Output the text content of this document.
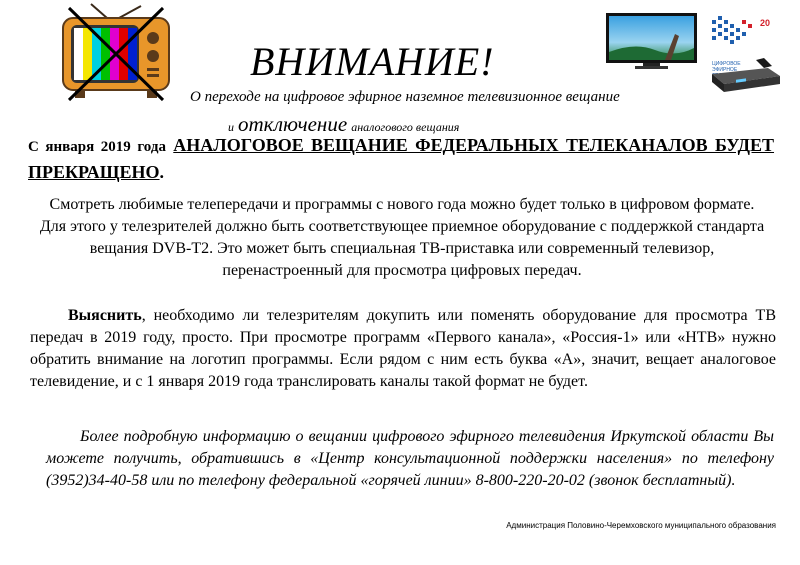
20
ЦИФРОВОЕ
ЭФИРНОЕ
ВНИМАНИЕ!
О переходе на цифровое эфирное наземное телевизионное вещание
и отключение аналогового вещания
С января 2019 года АНАЛОГОВОЕ ВЕЩАНИЕ ФЕДЕРАЛЬНЫХ ТЕЛЕКАНАЛОВ БУДЕТ ПРЕКРАЩЕНО.
Смотреть любимые телепередачи и программы с нового года можно будет только в цифровом формате.
Для этого у телезрителей должно быть соответствующее приемное оборудование с поддержкой стандарта вещания DVB-T2. Это может быть специальная ТВ-приставка или современный телевизор, перенастроенный для просмотра цифровых передач.
Выяснить, необходимо ли телезрителям докупить или поменять оборудование для просмотра ТВ передач в 2019 году, просто. При просмотре программ «Первого канала», «Россия-1» или «НТВ» нужно обратить внимание на логотип программы. Если рядом с ним есть буква «А», значит, вещает аналоговое телевидение, и с 1 января 2019 года транслировать каналы такой формат не будет.
Более подробную информацию о вещании цифрового эфирного телевидения Иркутской области Вы можете получить, обратившись в «Центр консультационной поддержки населения» по телефону (3952)34-40-58 или по телефону федеральной «горячей линии» 8-800-220-20-02 (звонок бесплатный).
Администрация Половино-Черемховского муниципального образования
